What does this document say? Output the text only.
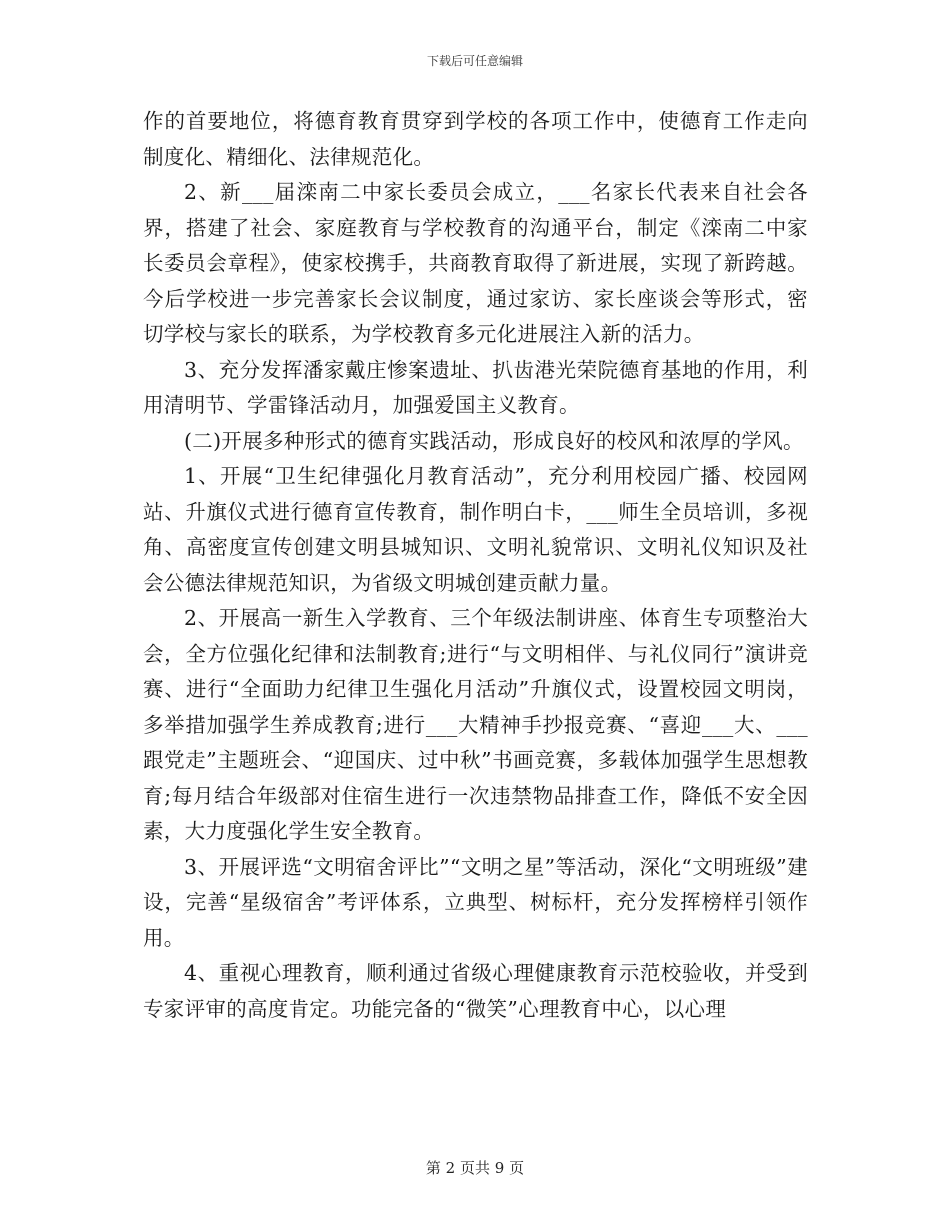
下载后可任意编辑

作的首要地位，将德育教育贯穿到学校的各项工作中，使德育工作走向制度化、精细化、法律规范化。

2、新___届滦南二中家长委员会成立，___名家长代表来自社会各界，搭建了社会、家庭教育与学校教育的沟通平台，制定《滦南二中家长委员会章程》，使家校携手，共商教育取得了新进展，实现了新跨越。今后学校进一步完善家长会议制度，通过家访、家长座谈会等形式，密切学校与家长的联系，为学校教育多元化进展注入新的活力。

3、充分发挥潘家戴庄惨案遗址、扒齿港光荣院德育基地的作用，利用清明节、学雷锋活动月，加强爱国主义教育。

(二)开展多种形式的德育实践活动，形成良好的校风和浓厚的学风。

1、开展“卫生纪律强化月教育活动”，充分利用校园广播、校园网站、升旗仪式进行德育宣传教育，制作明白卡，___师生全员培训，多视角、高密度宣传创建文明县城知识、文明礼貌常识、文明礼仪知识及社会公德法律规范知识，为省级文明城创建贡献力量。

2、开展高一新生入学教育、三个年级法制讲座、体育生专项整治大会，全方位强化纪律和法制教育;进行“与文明相伴、与礼仪同行”演讲竞赛、进行“全面助力纪律卫生强化月活动”升旗仪式，设置校园文明岗，多举措加强学生养成教育;进行___大精神手抄报竞赛、“喜迎___大、___跟党走”主题班会、“迎国庆、过中秋”书画竞赛，多载体加强学生思想教育;每月结合年级部对住宿生进行一次违禁物品排查工作，降低不安全因素，大力度强化学生安全教育。

3、开展评选“文明宿舍评比”“文明之星”等活动，深化“文明班级”建设，完善“星级宿舍”考评体系，立典型、树标杆，充分发挥榜样引领作用。

4、重视心理教育，顺利通过省级心理健康教育示范校验收，并受到专家评审的高度肯定。功能完备的“微笑”心理教育中心，以心理

第 2 页共 9 页
